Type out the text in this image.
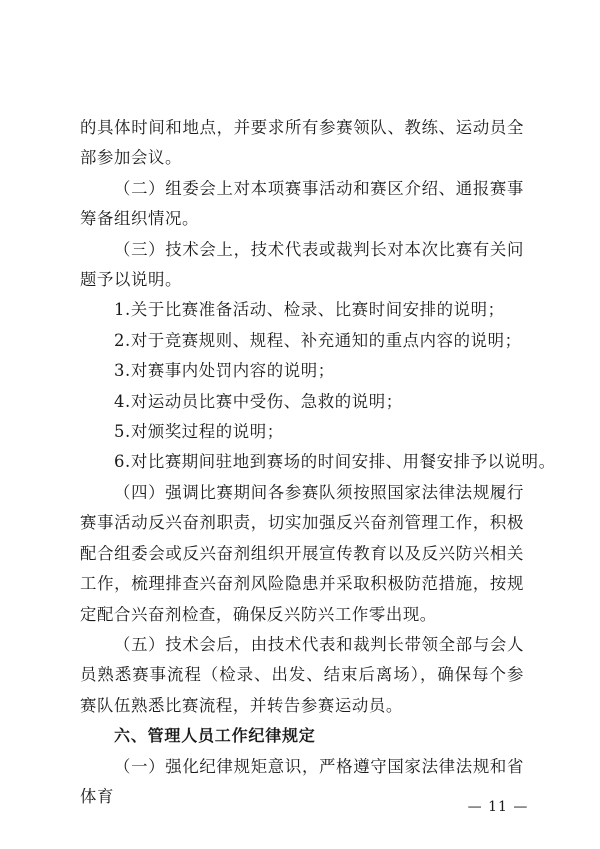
的具体时间和地点，并要求所有参赛领队、教练、运动员全部参加会议。

（二）组委会上对本项赛事活动和赛区介绍、通报赛事筹备组织情况。

（三）技术会上，技术代表或裁判长对本次比赛有关问题予以说明。

1.关于比赛准备活动、检录、比赛时间安排的说明；

2.对于竞赛规则、规程、补充通知的重点内容的说明；

3.对赛事内处罚内容的说明；

4.对运动员比赛中受伤、急救的说明；

5.对颁奖过程的说明；

6.对比赛期间驻地到赛场的时间安排、用餐安排予以说明。

（四）强调比赛期间各参赛队须按照国家法律法规履行赛事活动反兴奋剂职责，切实加强反兴奋剂管理工作，积极配合组委会或反兴奋剂组织开展宣传教育以及反兴防兴相关工作，梳理排查兴奋剂风险隐患并采取积极防范措施，按规定配合兴奋剂检查，确保反兴防兴工作零出现。

（五）技术会后，由技术代表和裁判长带领全部与会人员熟悉赛事流程（检录、出发、结束后离场），确保每个参赛队伍熟悉比赛流程，并转告参赛运动员。

六、管理人员工作纪律规定

（一）强化纪律规矩意识，严格遵守国家法律法规和省体育

— 11 —
